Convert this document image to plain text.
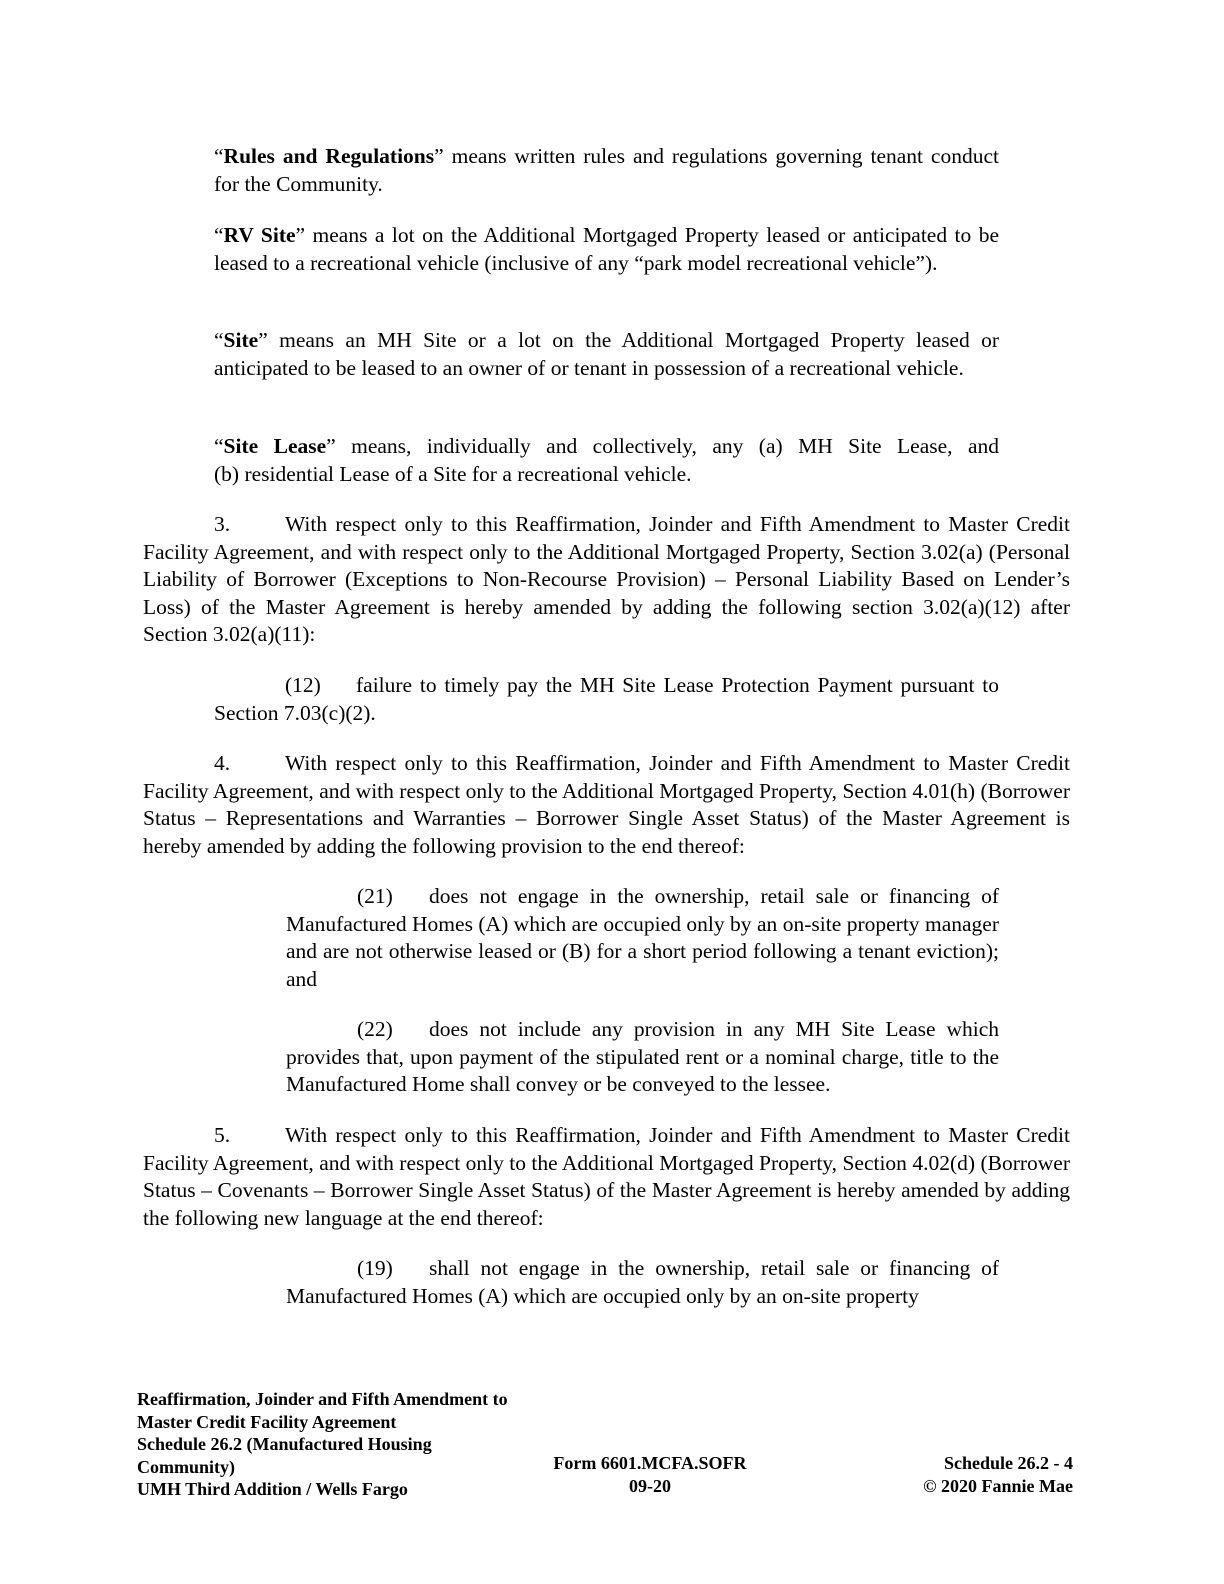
“Rules and Regulations” means written rules and regulations governing tenant conduct for the Community.

“RV Site” means a lot on the Additional Mortgaged Property leased or anticipated to be leased to a recreational vehicle (inclusive of any “park model recreational vehicle”).

“Site” means an MH Site or a lot on the Additional Mortgaged Property leased or anticipated to be leased to an owner of or tenant in possession of a recreational vehicle.

“Site Lease” means, individually and collectively, any (a) MH Site Lease, and (b) residential Lease of a Site for a recreational vehicle.

3.	With respect only to this Reaffirmation, Joinder and Fifth Amendment to Master Credit Facility Agreement, and with respect only to the Additional Mortgaged Property, Section 3.02(a) (Personal Liability of Borrower (Exceptions to Non-Recourse Provision) – Personal Liability Based on Lender’s Loss) of the Master Agreement is hereby amended by adding the following section 3.02(a)(12) after Section 3.02(a)(11):

(12) failure to timely pay the MH Site Lease Protection Payment pursuant to Section 7.03(c)(2).

4.	With respect only to this Reaffirmation, Joinder and Fifth Amendment to Master Credit Facility Agreement, and with respect only to the Additional Mortgaged Property, Section 4.01(h) (Borrower Status – Representations and Warranties – Borrower Single Asset Status) of the Master Agreement is hereby amended by adding the following provision to the end thereof:

(21) does not engage in the ownership, retail sale or financing of Manufactured Homes (A) which are occupied only by an on-site property manager and are not otherwise leased or (B) for a short period following a tenant eviction); and

(22) does not include any provision in any MH Site Lease which provides that, upon payment of the stipulated rent or a nominal charge, title to the Manufactured Home shall convey or be conveyed to the lessee.

5.	With respect only to this Reaffirmation, Joinder and Fifth Amendment to Master Credit Facility Agreement, and with respect only to the Additional Mortgaged Property, Section 4.02(d) (Borrower Status – Covenants – Borrower Single Asset Status) of the Master Agreement is hereby amended by adding the following new language at the end thereof:

(19) shall not engage in the ownership, retail sale or financing of Manufactured Homes (A) which are occupied only by an on-site property

Reaffirmation, Joinder and Fifth Amendment to
Master Credit Facility Agreement
Schedule 26.2 (Manufactured Housing
Community)
UMH Third Addition / Wells Fargo
Form 6601.MCFA.SOFR
09-20
Schedule 26.2 - 4
© 2020 Fannie Mae
